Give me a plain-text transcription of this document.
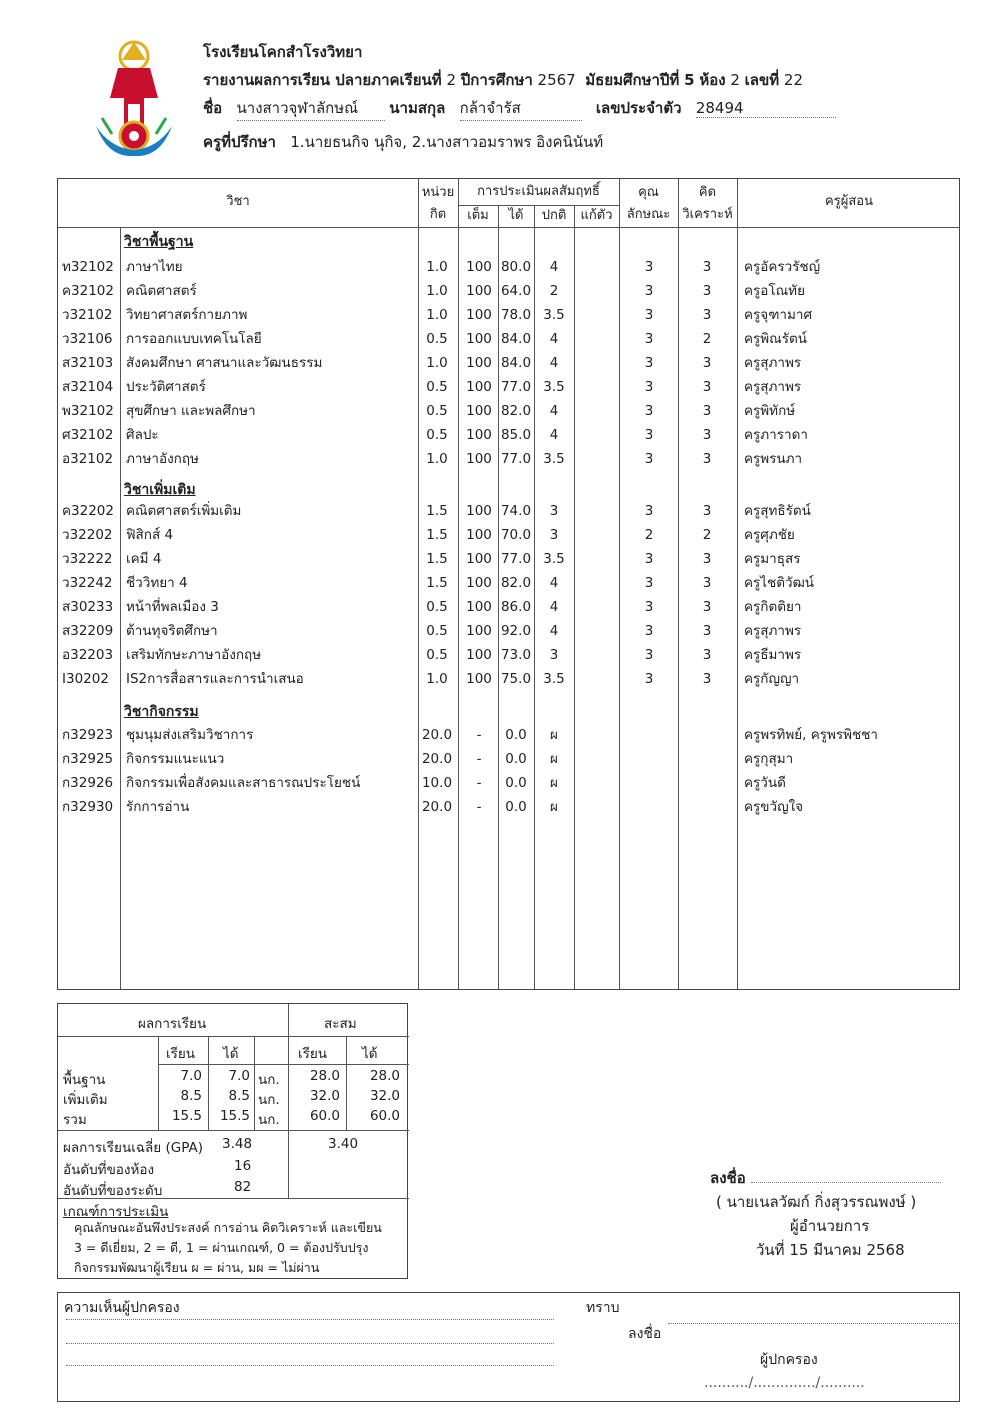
โรงเรียนโคกสำโรงวิทยา
รายงานผลการเรียน ปลายภาคเรียนที่ 2 ปีการศึกษา 2567 มัธยมศึกษาปีที่ 5 ห้อง 2 เลขที่ 22
ชื่อ นางสาวจุฬาลักษณ์ นามสกุล กล้าจำรัส	เลขประจำตัว 28494
ครูที่ปรึกษา 1.นายธนกิจ นุกิจ, 2.นางสาวอมราพร อิงคนินันท์
วิชา
หน่วย
กิต
การประเมินผลสัมฤทธิ์
เต็ม	ได้	ปกติ	แก้ตัว
คุณ
ลักษณะ
คิด
วิเคราะห์
ครูผู้สอน
วิชาพื้นฐาน
ท32102 ภาษาไทย	1.0	100 80.0	4	3	3	ครูอัครวรัชญ์
ค32102 คณิตศาสตร์	1.0	100 64.0	2	3	3	ครูอโณทัย
ว32102 วิทยาศาสตร์กายภาพ	1.0	100 78.0 3.5	3	3	ครูจุฑามาศ
ว32106 การออกแบบเทคโนโลยี	0.5	100 84.0	4	3	2	ครูพิณรัตน์
ส32103 สังคมศึกษา ศาสนาและวัฒนธรรม	1.0	100 84.0	4	3	3	ครูสุภาพร
ส32104 ประวัติศาสตร์	0.5	100 77.0 3.5	3	3	ครูสุภาพร
พ32102 สุขศึกษา และพลศึกษา	0.5	100 82.0	4	3	3	ครูพิทักษ์
ศ32102 ศิลปะ	0.5	100 85.0	4	3	3	ครูภาราดา
อ32102 ภาษาอังกฤษ	1.0	100 77.0 3.5	3	3	ครูพรนภา
วิชาเพิ่มเติม
ค32202 คณิตศาสตร์เพิ่มเติม	1.5	100 74.0	3	3	3	ครูสุทธิรัตน์
ว32202 ฟิสิกส์ 4	1.5	100 70.0	3	2	2	ครูศุภชัย
ว32222 เคมี 4	1.5	100 77.0 3.5	3	3	ครูมาธุสร
ว32242 ชีววิทยา 4	1.5	100 82.0	4	3	3	ครูไชติวัฒน์
ส30233 หน้าที่พลเมือง 3	0.5	100 86.0	4	3	3	ครูกิตติยา
ส32209 ต้านทุจริตศึกษา	0.5	100 92.0	4	3	3	ครูสุภาพร
อ32203 เสริมทักษะภาษาอังกฤษ	0.5	100 73.0	3	3	3	ครูธีมาพร
I30202 IS2การสื่อสารและการนำเสนอ	1.0	100 75.0 3.5	3	3	ครูกัญญา
วิชากิจกรรม
ก32923 ชุมนุมส่งเสริมวิชาการ	20.0	-	0.0	ผ	ครูพรทิพย์, ครูพรพิชชา
ก32925 กิจกรรมแนะแนว	20.0	-	0.0	ผ	ครูกุสุมา
ก32926 กิจกรรมเพื่อสังคมและสาธารณประโยชน์	10.0	-	0.0	ผ	ครูวันดี
ก32930 รักการอ่าน	20.0	-	0.0	ผ	ครูขวัญใจ
ผลการเรียน	สะสม
เรียน ได้	เรียน	ได้
พื้นฐาน	7.0	7.0 นก.	28.0	28.0
เพิ่มเติม	8.5	8.5 นก.	32.0	32.0
รวม	15.5	15.5 นก.	60.0	60.0
ผลการเรียนเฉลี่ย (GPA) 3.48	3.40
อันดับที่ของห้อง	16
อันดับที่ของระดับ	82
เกณฑ์การประเมิน
คุณลักษณะอันพึงประสงค์ การอ่าน คิดวิเคราะห์ และเขียน
3 = ดีเยี่ยม, 2 = ดี, 1 = ผ่านเกณฑ์, 0 = ต้องปรับปรุง
กิจกรรมพัฒนาผู้เรียน ผ = ผ่าน, มผ = ไม่ผ่าน
ลงชื่อ
( นายเนลวัฒก์ กิ่งสุวรรณพงษ์ )
ผู้อำนวยการ
วันที่ 15 มีนาคม 2568
ความเห็นผู้ปกครอง	ทราบ
ลงชื่อ
ผู้ปกครอง
........../............../..........
